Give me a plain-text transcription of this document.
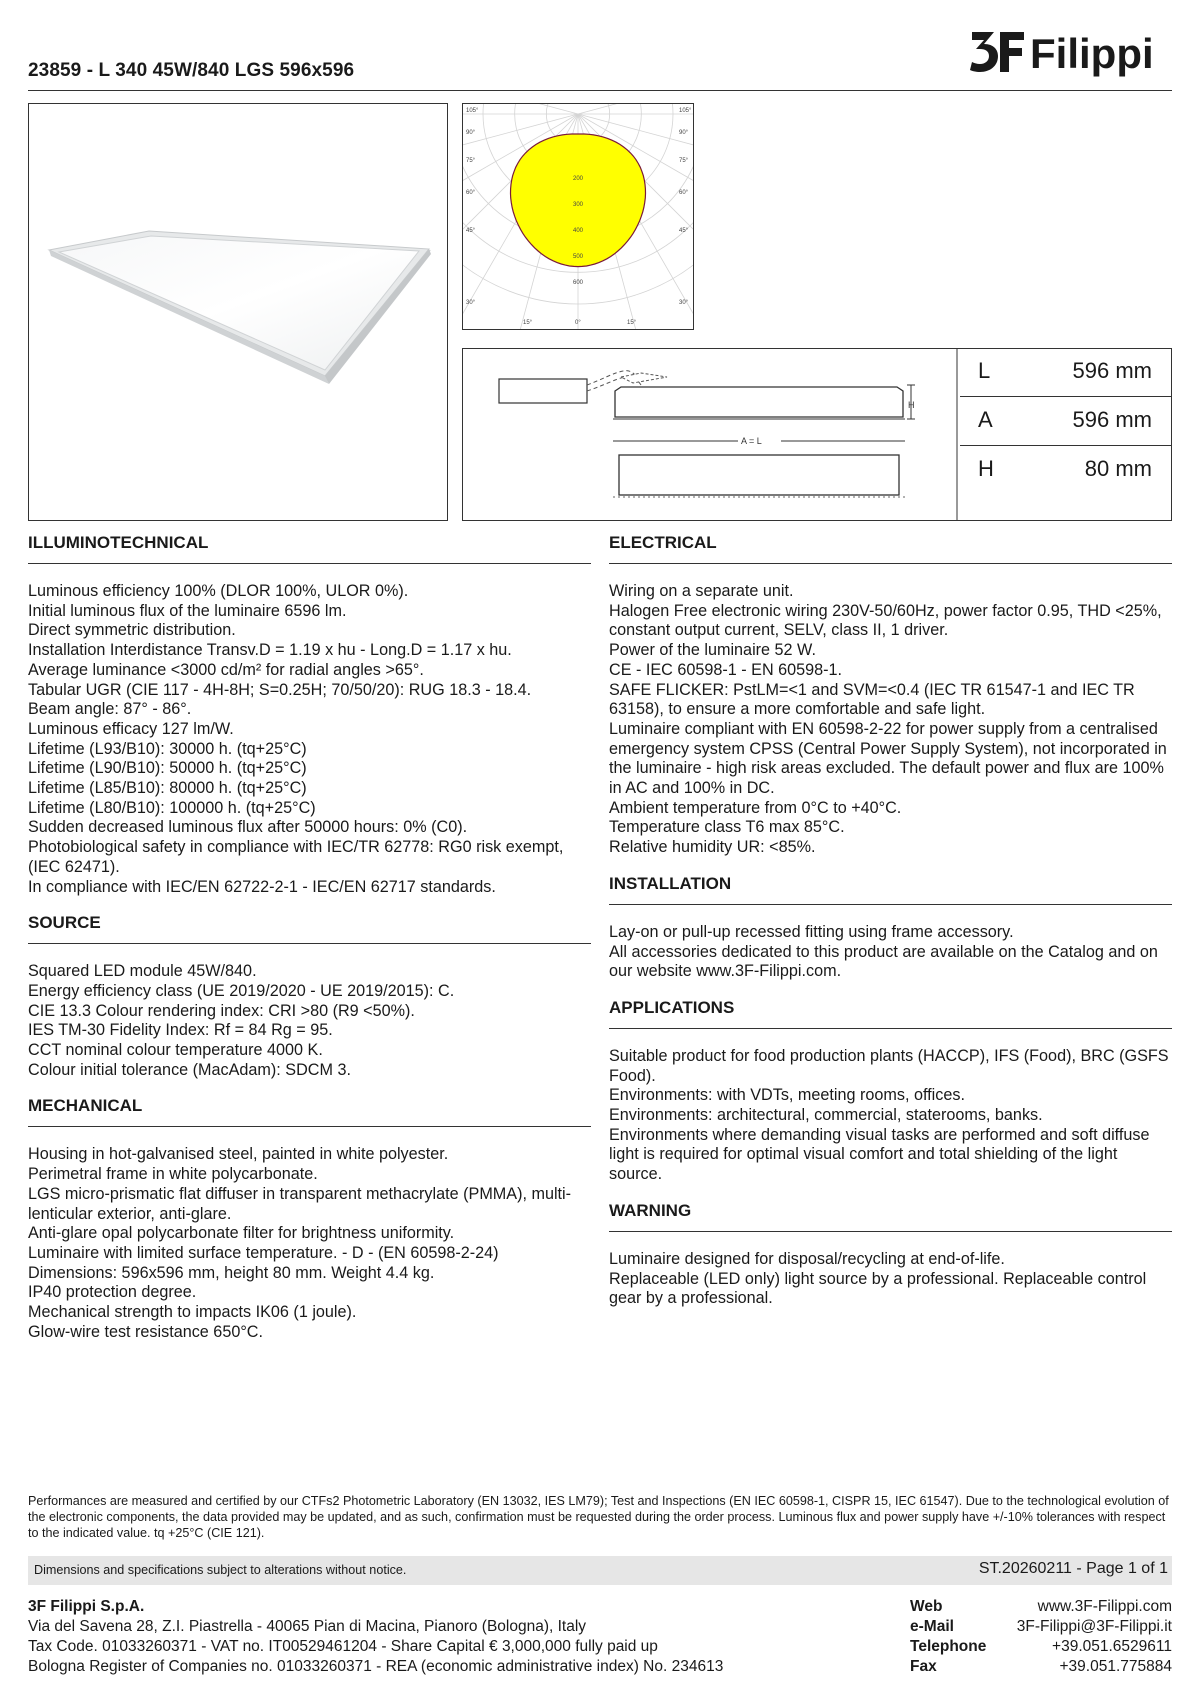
23859 - L 340 45W/840 LGS 596x596	Filippi
200
300
400
500
600
105°
90°
75°
60°
45°
30°
105°
90°
75°
60°
45°
30°
15°	0°	15°
H
A = L
L	596 mm
A	596 mm
H	80 mm
ILLUMINOTECHNICAL
Luminous efficiency 100% (DLOR 100%, ULOR 0%).
Initial luminous flux of the luminaire 6596 lm.
Direct symmetric distribution.
Installation Interdistance Transv.D = 1.19 x hu - Long.D = 1.17 x hu.
Average luminance <3000 cd/m² for radial angles >65°.
Tabular UGR (CIE 117 - 4H-8H; S=0.25H; 70/50/20): RUG 18.3 - 18.4.
Beam angle: 87° - 86°.
Luminous efficacy 127 lm/W.
Lifetime (L93/B10): 30000 h. (tq+25°C)
Lifetime (L90/B10): 50000 h. (tq+25°C)
Lifetime (L85/B10): 80000 h. (tq+25°C)
Lifetime (L80/B10): 100000 h. (tq+25°C)
Sudden decreased luminous flux after 50000 hours: 0% (C0).
Photobiological safety in compliance with IEC/TR 62778: RG0 risk exempt, (IEC 62471).
In compliance with IEC/EN 62722-2-1 - IEC/EN 62717 standards.
SOURCE
Squared LED module 45W/840.
Energy efficiency class (UE 2019/2020 - UE 2019/2015): C.
CIE 13.3 Colour rendering index: CRI >80 (R9 <50%).
IES TM-30 Fidelity Index: Rf = 84 Rg = 95.
CCT nominal colour temperature 4000 K.
Colour initial tolerance (MacAdam): SDCM 3.
MECHANICAL
Housing in hot-galvanised steel, painted in white polyester.
Perimetral frame in white polycarbonate.
LGS micro-prismatic flat diffuser in transparent methacrylate (PMMA), multi-lenticular exterior, anti-glare.
Anti-glare opal polycarbonate filter for brightness uniformity.
Luminaire with limited surface temperature. - D - (EN 60598-2-24)
Dimensions: 596x596 mm, height 80 mm. Weight 4.4 kg.
IP40 protection degree.
Mechanical strength to impacts IK06 (1 joule).
Glow-wire test resistance 650°C.
ELECTRICAL
Wiring on a separate unit.
Halogen Free electronic wiring 230V-50/60Hz, power factor 0.95, THD <25%, constant output current, SELV, class II, 1 driver.
Power of the luminaire 52 W.
CE - IEC 60598-1 - EN 60598-1.
SAFE FLICKER: PstLM=<1 and SVM=<0.4 (IEC TR 61547-1 and IEC TR 63158), to ensure a more comfortable and safe light.
Luminaire compliant with EN 60598-2-22 for power supply from a centralised emergency system CPSS (Central Power Supply System), not incorporated in the luminaire - high risk areas excluded. The default power and flux are 100% in AC and 100% in DC.
Ambient temperature from 0°C to +40°C.
Temperature class T6 max 85°C.
Relative humidity UR: <85%.
INSTALLATION
Lay-on or pull-up recessed fitting using frame accessory.
All accessories dedicated to this product are available on the Catalog and on our website www.3F-Filippi.com.
APPLICATIONS
Suitable product for food production plants (HACCP), IFS (Food), BRC (GSFS Food).
Environments: with VDTs, meeting rooms, offices.
Environments: architectural, commercial, staterooms, banks.
Environments where demanding visual tasks are performed and soft diffuse light is required for optimal visual comfort and total shielding of the light source.
WARNING
Luminaire designed for disposal/recycling at end-of-life.
Replaceable (LED only) light source by a professional. Replaceable control gear by a professional.
Performances are measured and certified by our CTFs2 Photometric Laboratory (EN 13032, IES LM79); Test and Inspections (EN IEC 60598-1, CISPR 15, IEC 61547). Due to the technological evolution of the electronic components, the data provided may be updated, and as such, confirmation must be requested during the order process. Luminous flux and power supply have +/-10% tolerances with respect to the indicated value. tq +25°C (CIE 121).
Dimensions and specifications subject to alterations without notice.	ST.20260211 - Page 1 of 1
3F Filippi S.p.A.
Via del Savena 28, Z.I. Piastrella - 40065 Pian di Macina, Pianoro (Bologna), Italy
Tax Code. 01033260371 - VAT no. IT00529461204 - Share Capital € 3,000,000 fully paid up
Bologna Register of Companies no. 01033260371 - REA (economic administrative index) No. 234613
Web	www.3F-Filippi.com
e-Mail	3F-Filippi@3F-Filippi.it
Telephone	+39.051.6529611
Fax	+39.051.775884
